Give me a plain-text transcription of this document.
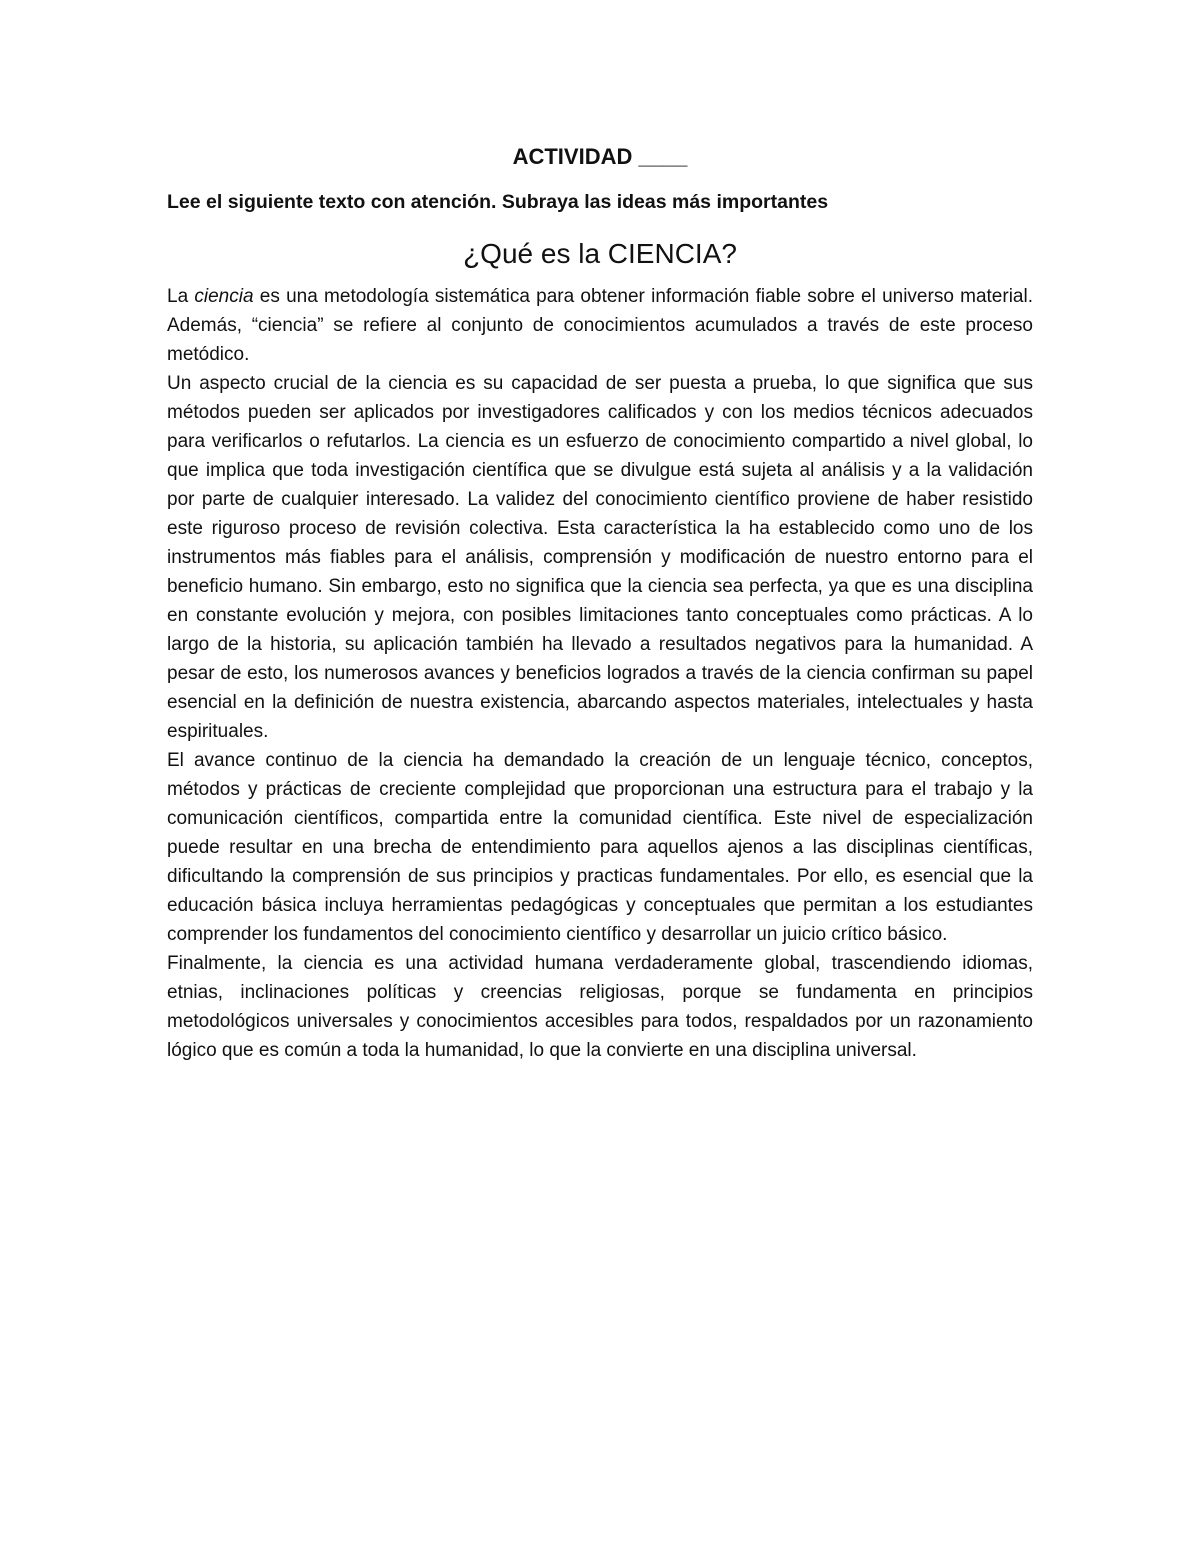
ACTIVIDAD ____
Lee el siguiente texto con atención. Subraya las ideas más importantes
¿Qué es la CIENCIA?

La ciencia es una metodología sistemática para obtener información fiable sobre el universo material. Además, “ciencia” se refiere al conjunto de conocimientos acumulados a través de este proceso metódico.

Un aspecto crucial de la ciencia es su capacidad de ser puesta a prueba, lo que significa que sus métodos pueden ser aplicados por investigadores calificados y con los medios técnicos adecuados para verificarlos o refutarlos. La ciencia es un esfuerzo de conocimiento compartido a nivel global, lo que implica que toda investigación científica que se divulgue está sujeta al análisis y a la validación por parte de cualquier interesado. La validez del conocimiento científico proviene de haber resistido este riguroso proceso de revisión colectiva. Esta característica la ha establecido como uno de los instrumentos más fiables para el análisis, comprensión y modificación de nuestro entorno para el beneficio humano. Sin embargo, esto no significa que la ciencia sea perfecta, ya que es una disciplina en constante evolución y mejora, con posibles limitaciones tanto conceptuales como prácticas. A lo largo de la historia, su aplicación también ha llevado a resultados negativos para la humanidad. A pesar de esto, los numerosos avances y beneficios logrados a través de la ciencia confirman su papel esencial en la definición de nuestra existencia, abarcando aspectos materiales, intelectuales y hasta espirituales.

El avance continuo de la ciencia ha demandado la creación de un lenguaje técnico, conceptos, métodos y prácticas de creciente complejidad que proporcionan una estructura para el trabajo y la comunicación científicos, compartida entre la comunidad científica. Este nivel de especialización puede resultar en una brecha de entendimiento para aquellos ajenos a las disciplinas científicas, dificultando la comprensión de sus principios y practicas fundamentales. Por ello, es esencial que la educación básica incluya herramientas pedagógicas y conceptuales que permitan a los estudiantes comprender los fundamentos del conocimiento científico y desarrollar un juicio crítico básico.

Finalmente, la ciencia es una actividad humana verdaderamente global, trascendiendo idiomas, etnias, inclinaciones políticas y creencias religiosas, porque se fundamenta en principios metodológicos universales y conocimientos accesibles para todos, respaldados por un razonamiento lógico que es común a toda la humanidad, lo que la convierte en una disciplina universal.
